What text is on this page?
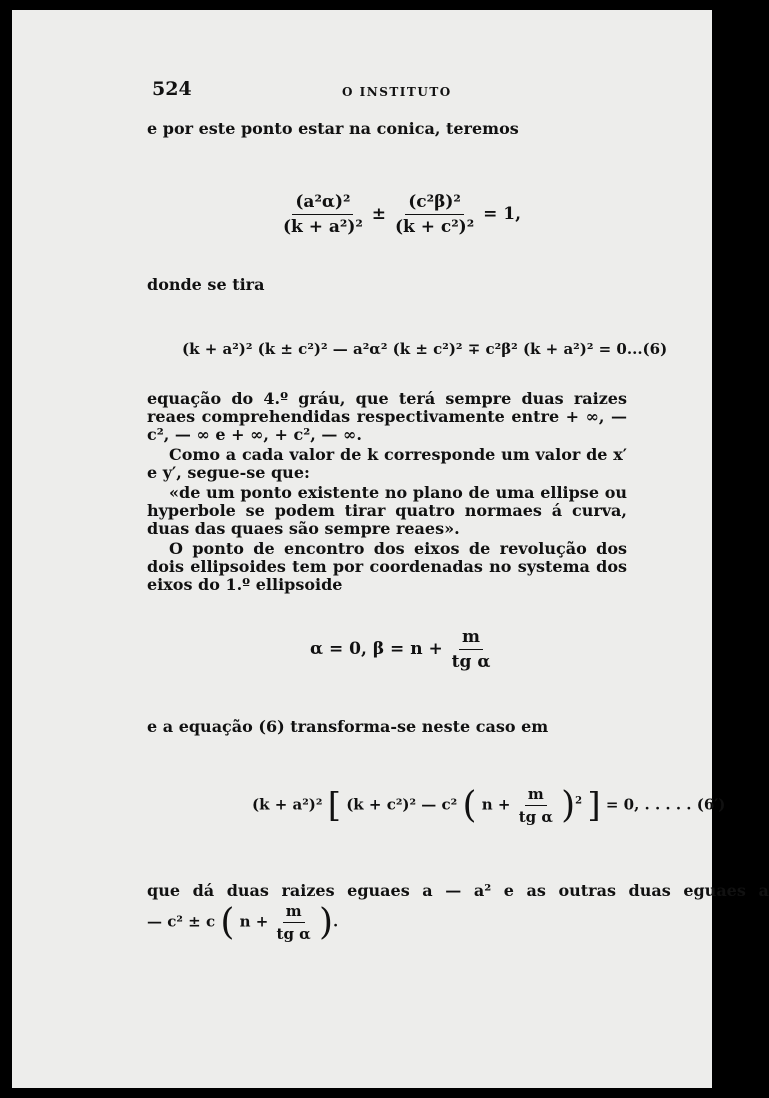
524	O INSTITUTO

e por este ponto estar na conica, teremos

$\frac{\text{(a²α)²}}{\text{(k + a²)²}} \pm \frac{\text{(c²β)²}}{\text{(k + c²)²}} = 1$,

donde se tira

(k + a²)² (k ± c²)² — a²α² (k ± c²)² ∓ c²β² (k + a²)² = 0...(6)

equação do 4.º gráu, que terá sempre duas raizes reaes comprehendidas respectivamente entre + ∞, — c², — ∞ e + ∞, + c², — ∞.

Como a cada valor de k corresponde um valor de x′ e y′, segue-se que:

«de um ponto existente no plano de uma ellipse ou hyperbole se podem tirar quatro normaes á curva, duas das quaes são sempre reaes».

O ponto de encontro dos eixos de revolução dos dois ellipsoides tem por coordenadas no systema dos eixos do 1.º ellipsoide

α = 0, $\beta = n + \frac{m}{\text{tg α}}$

e a equação (6) transforma-se neste caso em

(k + a²)² [ (k + c²)² — c² ( $n + \frac{m}{\text{tg α}} )^2$ ] = 0, . . . . . (6′)
que dá duas raizes eguaes a — a² e as outras duas eguaes a
— c² ± c ( $n + \frac{m}{\text{tg α}}$ ).
